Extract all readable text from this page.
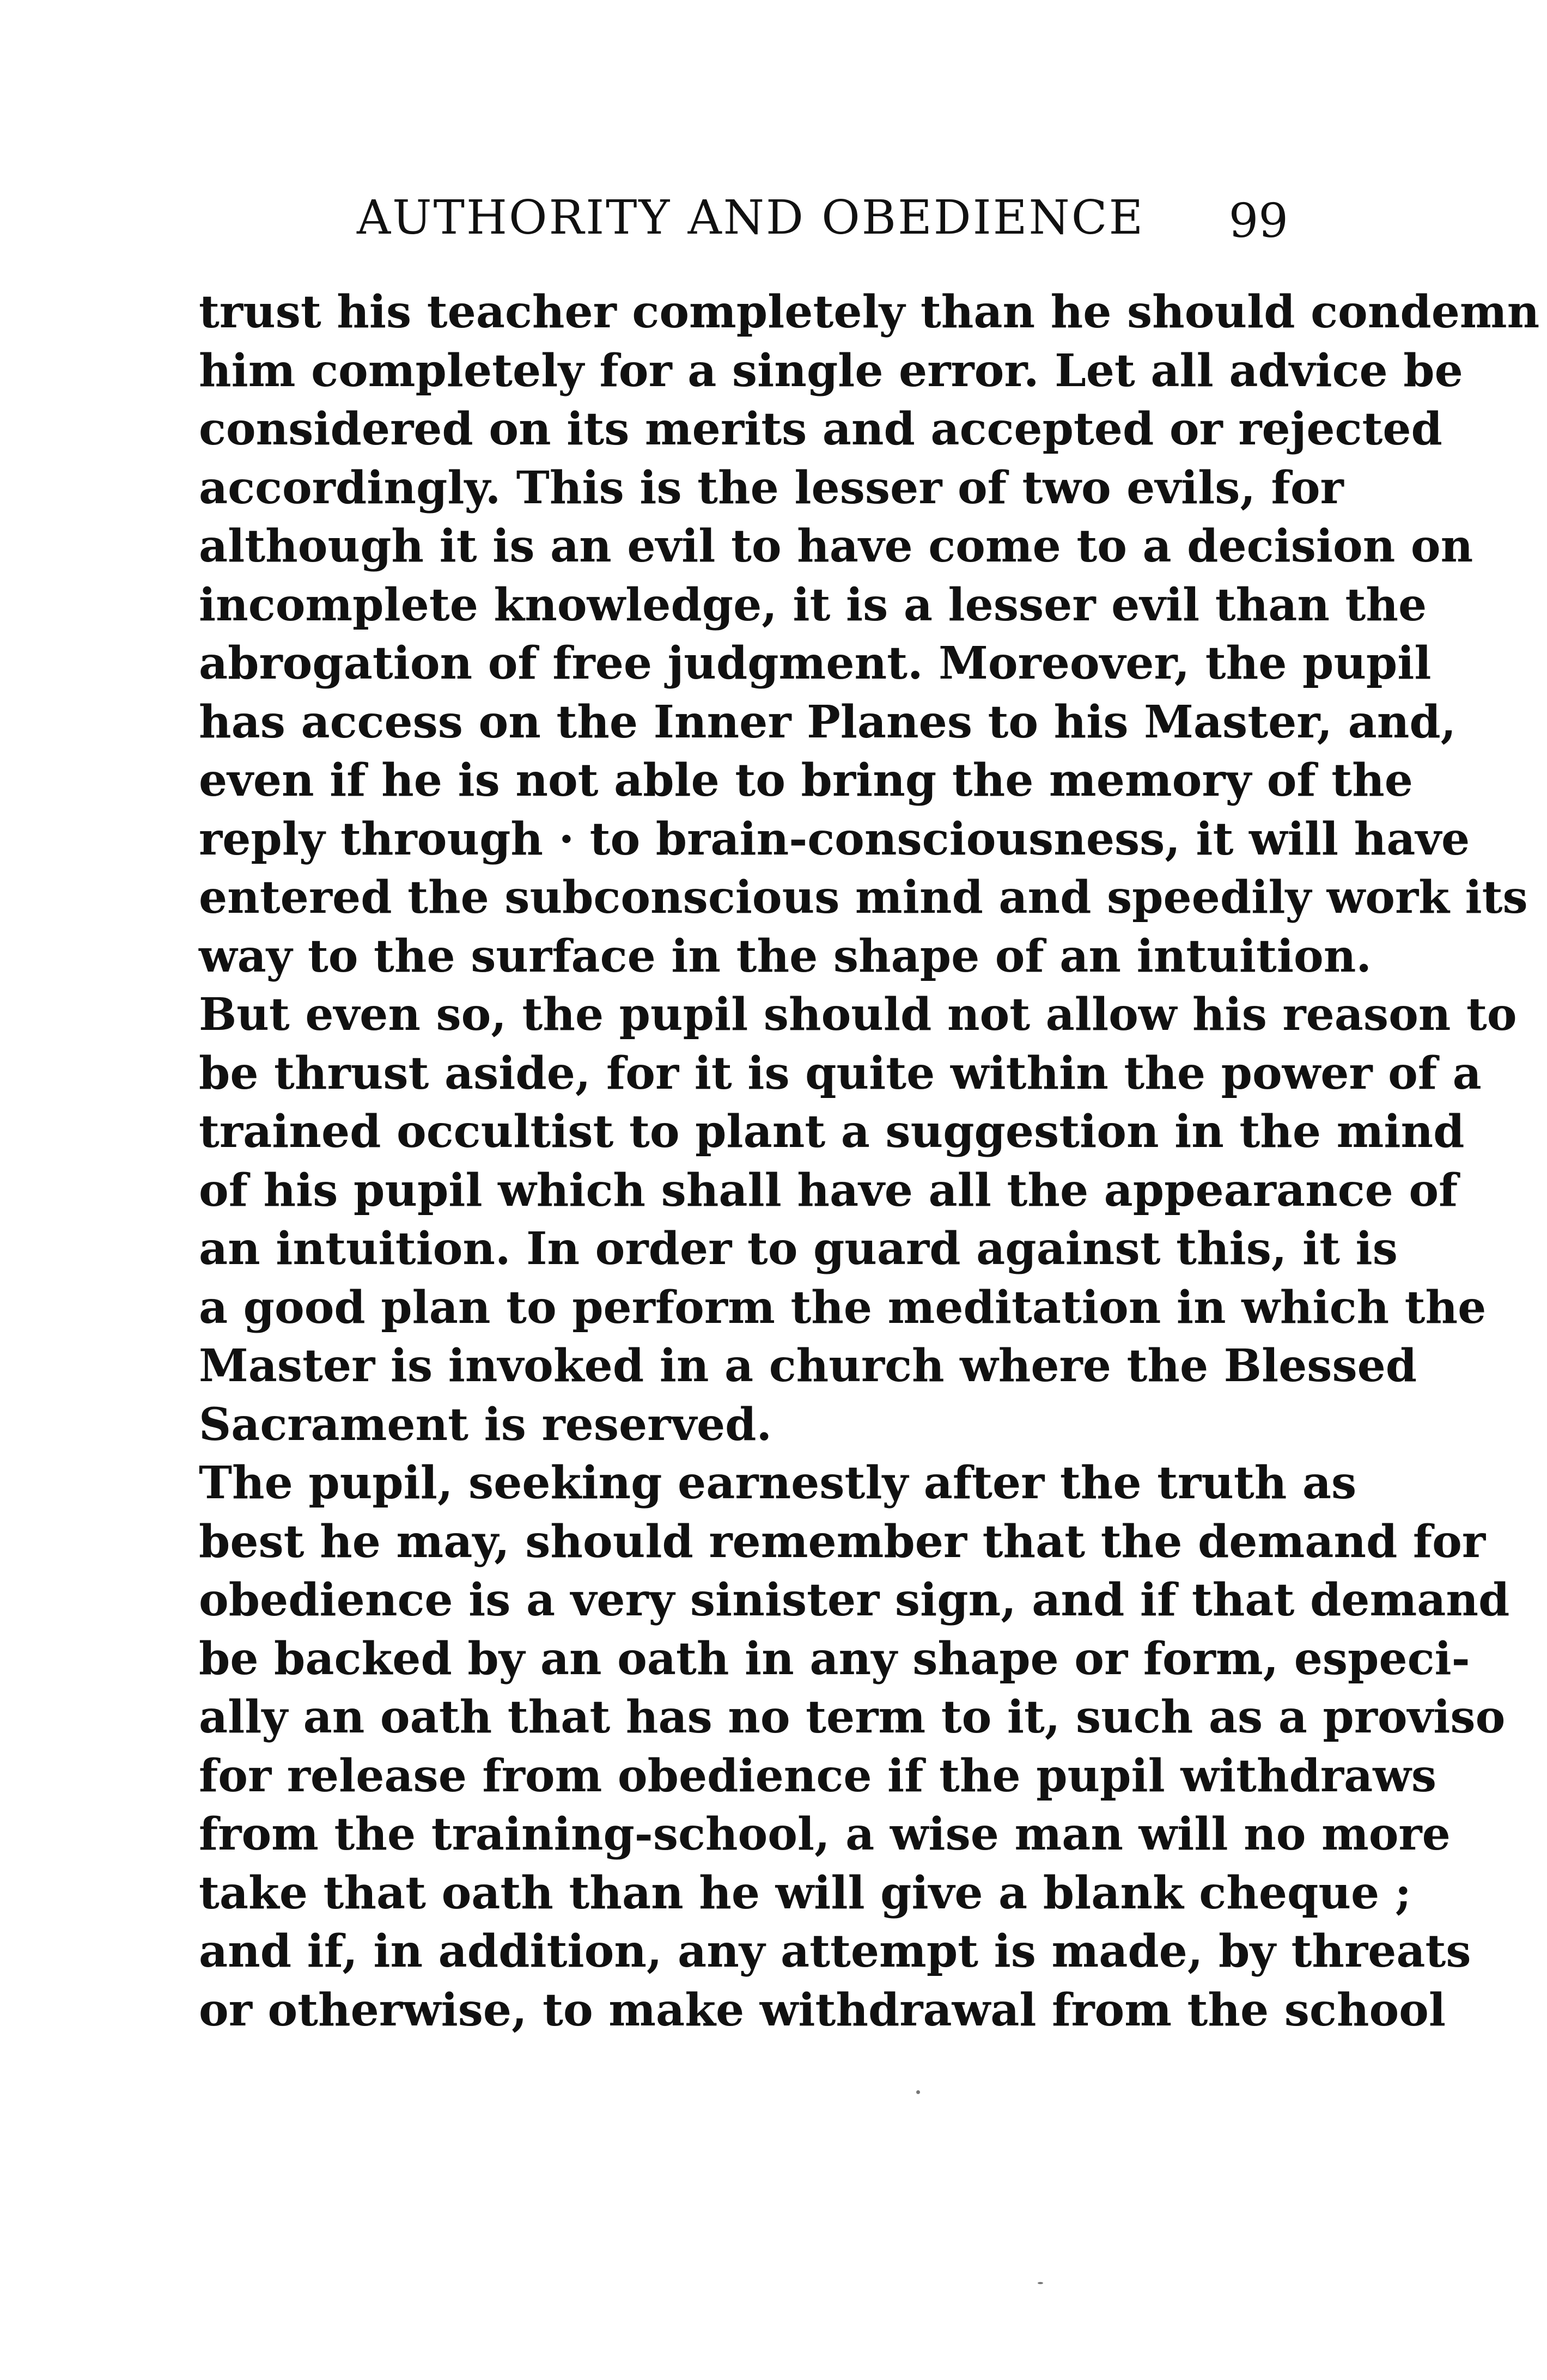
AUTHORITY AND OBEDIENCE 99
trust his teacher completely than he should condemn
him completely for a single error. Let all advice be
considered on its merits and accepted or rejected
accordingly. This is the lesser of two evils, for
although it is an evil to have come to a decision on
incomplete knowledge, it is a lesser evil than the
abrogation of free judgment. Moreover, the pupil
has access on the Inner Planes to his Master, and,
even if he is not able to bring the memory of the
reply through · to brain-consciousness, it will have
entered the subconscious mind and speedily work its
way to the surface in the shape of an intuition.
But even so, the pupil should not allow his reason to
be thrust aside, for it is quite within the power of a
trained occultist to plant a suggestion in the mind
of his pupil which shall have all the appearance of
an intuition. In order to guard against this, it is
a good plan to perform the meditation in which the
Master is invoked in a church where the Blessed
Sacrament is reserved.
The pupil, seeking earnestly after the truth as
best he may, should remember that the demand for
obedience is a very sinister sign, and if that demand
be backed by an oath in any shape or form, especi-
ally an oath that has no term to it, such as a proviso
for release from obedience if the pupil withdraws
from the training-school, a wise man will no more
take that oath than he will give a blank cheque ;
and if, in addition, any attempt is made, by threats
or otherwise, to make withdrawal from the school
